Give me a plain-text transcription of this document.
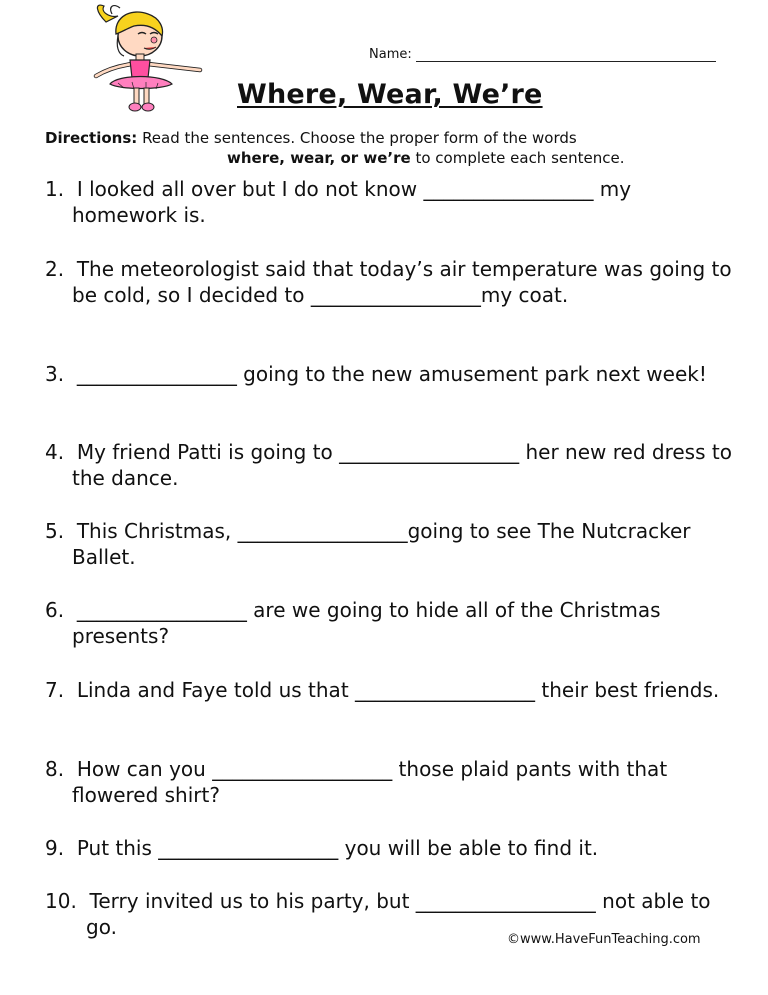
Name:
Where, Wear, We’re
Directions: Read the sentences. Choose the proper form of the words
where, wear, or we’re to complete each sentence.
1. I looked all over but I do not know _________________ my homework is.
2. The meteorologist said that today’s air temperature was going to be cold, so I decided to _________________my coat.
3. ________________ going to the new amusement park next week!
4. My friend Patti is going to __________________ her new red dress to the dance.
5. This Christmas, _________________going to see The Nutcracker Ballet.
6. _________________ are we going to hide all of the Christmas presents?
7. Linda and Faye told us that __________________ their best friends.
8. How can you __________________ those plaid pants with that flowered shirt?
9. Put this __________________ you will be able to find it.
10. Terry invited us to his party, but __________________ not able to go.
©www.HaveFunTeaching.com
